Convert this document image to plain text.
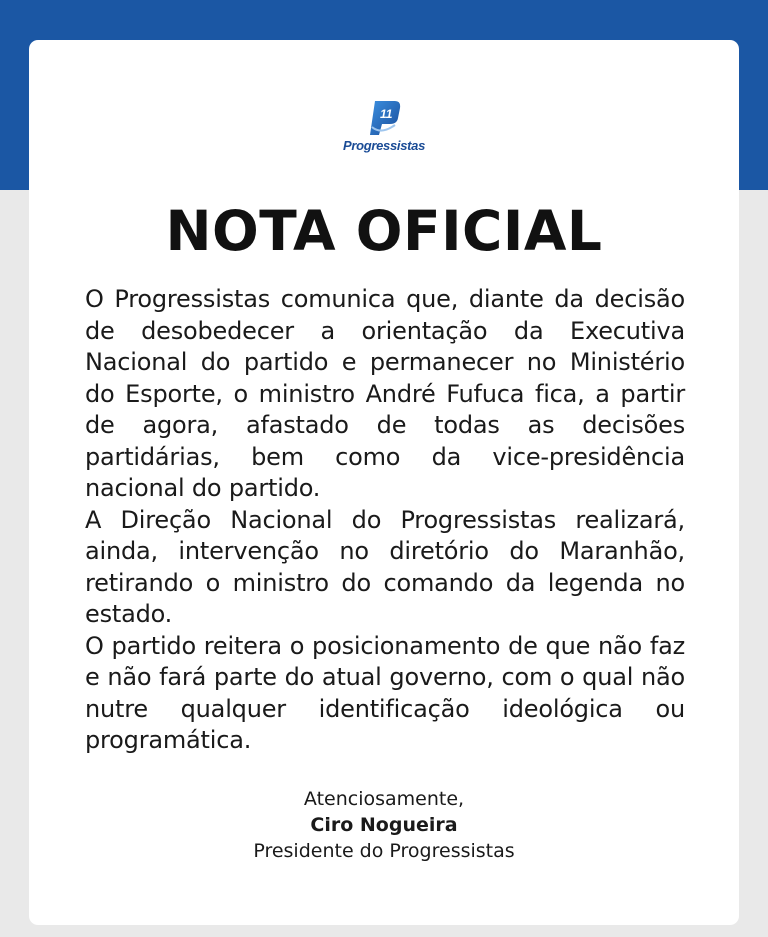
11
Progressistas
NOTA OFICIAL

O Progressistas comunica que, diante da decisão de desobedecer a orientação da Executiva Nacional do partido e permanecer no Ministério do Esporte, o ministro André Fufuca fica, a partir de agora, afastado de todas as decisões partidárias, bem como da vice-presidência nacional do partido.

A Direção Nacional do Progressistas realizará, ainda, intervenção no diretório do Maranhão, retirando o ministro do comando da legenda no estado.

O partido reitera o posicionamento de que não faz e não fará parte do atual governo, com o qual não nutre qualquer identificação ideológica ou programática.

Atenciosamente,
Ciro Nogueira
Presidente do Progressistas
